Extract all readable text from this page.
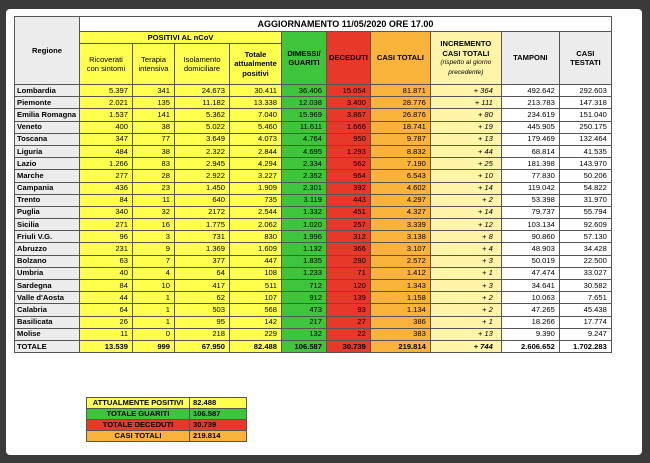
Regione	AGGIORNAMENTO 11/05/2020 ORE 17.00									
	POSITIVI AL nCoV				DIMESSI/ GUARITI	DECEDUTI	CASI TOTALI	INCREMENTO CASI TOTALI
(rispetto al giorno precedente)	TAMPONI	CASI TESTATI
	Ricoverati con sintomi	Terapia intensiva	Isolamento domiciliare	Totale attualmente positivi						
Lombardia	5.397	341	24.673	30.411	36.406	15.054	81.871	+ 364	492.642	292.603
Piemonte	2.021	135	11.182	13.338	12.038	3.400	28.776	+ 111	213.783	147.318
Emilia Romagna	1.537	141	5.362	7.040	15.969	3.867	26.876	+ 80	234.619	151.040
Veneto	400	38	5.022	5.460	11.611	1.666	18.741	+ 19	445.905	250.175
Toscana	347	77	3.649	4.073	4.764	950	9.787	+ 13	179.469	132.464
Liguria	484	38	2.322	2.844	4.695	1.293	8.832	+ 44	68.814	41.535
Lazio	1.266	83	2.945	4.294	2.334	562	7.190	+ 25	181.398	143.970
Marche	277	28	2.922	3.227	2.352	964	6.543	+ 10	77.830	50.206
Campania	436	23	1.450	1.909	2.301	392	4.602	+ 14	119.042	54.822
Trento	84	11	640	735	3.119	443	4.297	+ 2	53.398	31.970
Puglia	340	32	2172	2.544	1.332	451	4.327	+ 14	79.737	55.794
Sicilia	271	16	1.775	2.062	1.020	257	3.339	+ 12	103.134	92.609
Friuli V.G.	96	3	731	830	1.996	312	3.138	+ 8	90.860	57.130
Abruzzo	231	9	1.369	1.609	1.132	366	3.107	+ 4	48.903	34.428
Bolzano	63	7	377	447	1.835	290	2.572	+ 3	50.019	22.500
Umbria	40	4	64	108	1.233	71	1.412	+ 1	47.474	33.027
Sardegna	84	10	417	511	712	120	1.343	+ 3	34.641	30.582
Valle d'Aosta	44	1	62	107	912	139	1.158	+ 2	10.063	7.651
Calabria	64	1	503	568	473	93	1.134	+ 2	47.265	45.438
Basilicata	26	1	95	142	217	27	386	+ 1	18.266	17.774
Molise	11	0	218	229	132	22	383	+ 13	9.390	9.247
TOTALE	13.539	999	67.950	82.488	106.587	30.739	219.814	+ 744	2.606.652	1.702.283
ATTUALMENTE POSITIVI	82.488
TOTALE GUARITI	106.587
TOTALE DECEDUTI	30.739
CASI TOTALI	219.814
